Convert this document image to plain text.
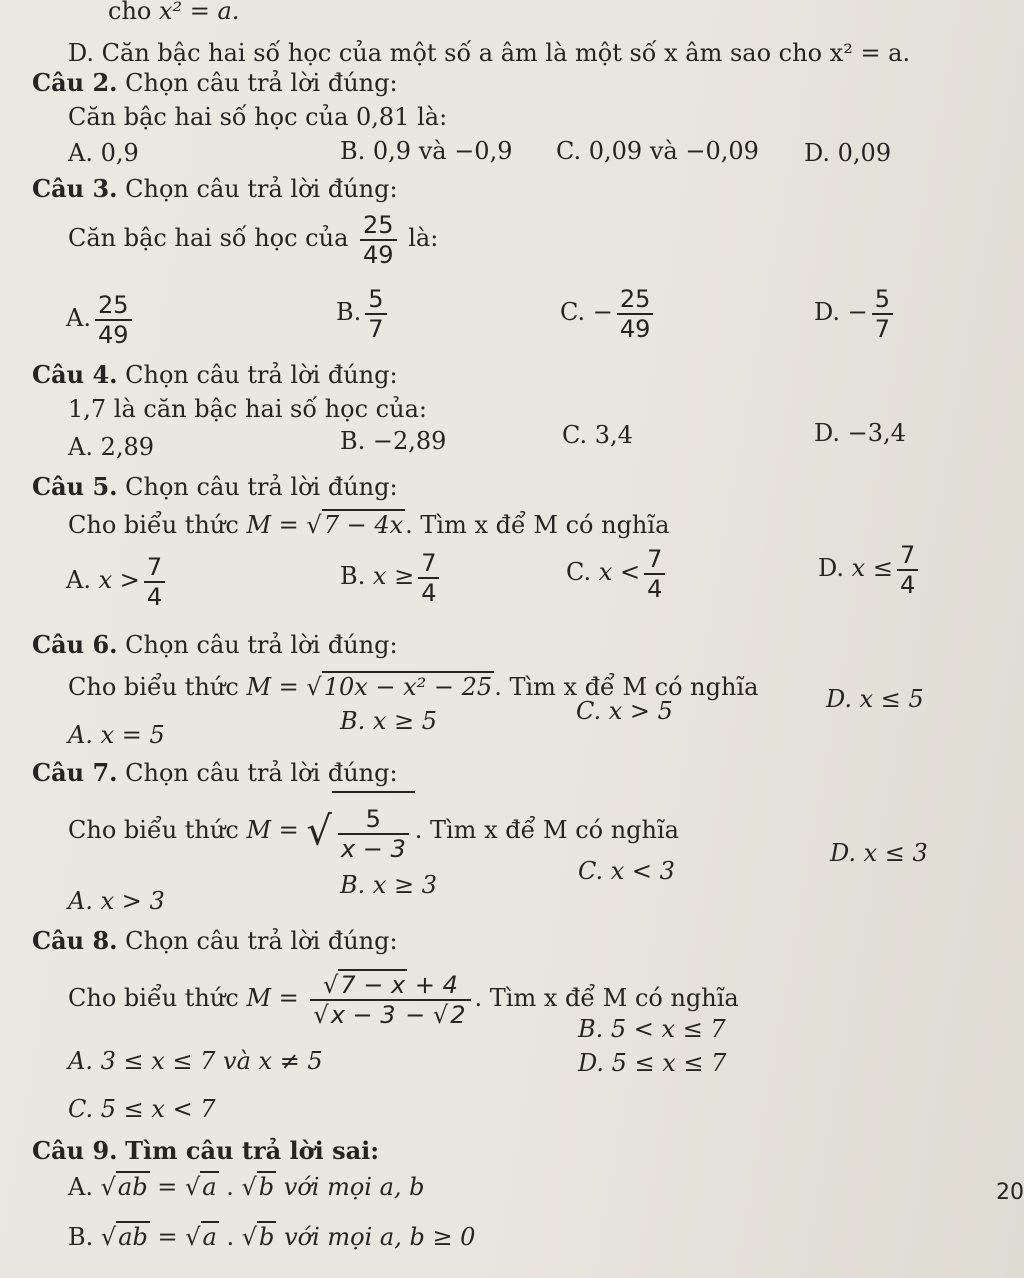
cho x² = a.
D. Căn bậc hai số học của một số a âm là một số x âm sao cho x² = a.
Câu 2. Chọn câu trả lời đúng:
Căn bậc hai số học của 0,81 là:
A. 0,9	B. 0,9 và −0,9 C. 0,09 và −0,09 D. 0,09
Câu 3. Chọn câu trả lời đúng:
Căn bậc hai số học của $\frac{25}{49}$ là:
A. $\frac{25}{49}$	B. $\frac{5}{7}$	C. − $\frac{25}{49}$	D. − $\frac{5}{7}$
Câu 4. Chọn câu trả lời đúng:
1,7 là căn bậc hai số học của:
A. 2,89	B. −2,89	C. 3,4	D. −3,4
Câu 5. Chọn câu trả lời đúng:
Cho biểu thức M = √7 − 4x. Tìm x để M có nghĩa
A. $x > \frac{7}{4}$	B. $x \ge \frac{7}{4}$	C. $x < \frac{7}{4}$	D. $x \le \frac{7}{4}$
Câu 6. Chọn câu trả lời đúng:
Cho biểu thức M = √10x − x² − 25. Tìm x để M có nghĩa
A. x = 5	B. x ≥ 5	C. x > 5	D. x ≤ 5
Câu 7. Chọn câu trả lời đúng:
Cho biểu thức M = √ $\frac{5}{x - 3}$ . Tìm x để M có nghĩa
A. x > 3
B. x ≥ 3	C. x < 3
D. x ≤ 3
Câu 8. Chọn câu trả lời đúng:
Cho biểu thức $M = \frac{√7 - x + 4}{√x - 3 - √2}$ . Tìm x để M có nghĩa
A. 3 ≤ x ≤ 7 và x ≠ 5
B. 5 < x ≤ 7
C. 5 ≤ x < 7
D. 5 ≤ x ≤ 7
Câu 9. Tìm câu trả lời sai:
A. √ab = √a . √b với mọi a, b
B. √ab = √a . √b với mọi a, b ≥ 0
20
